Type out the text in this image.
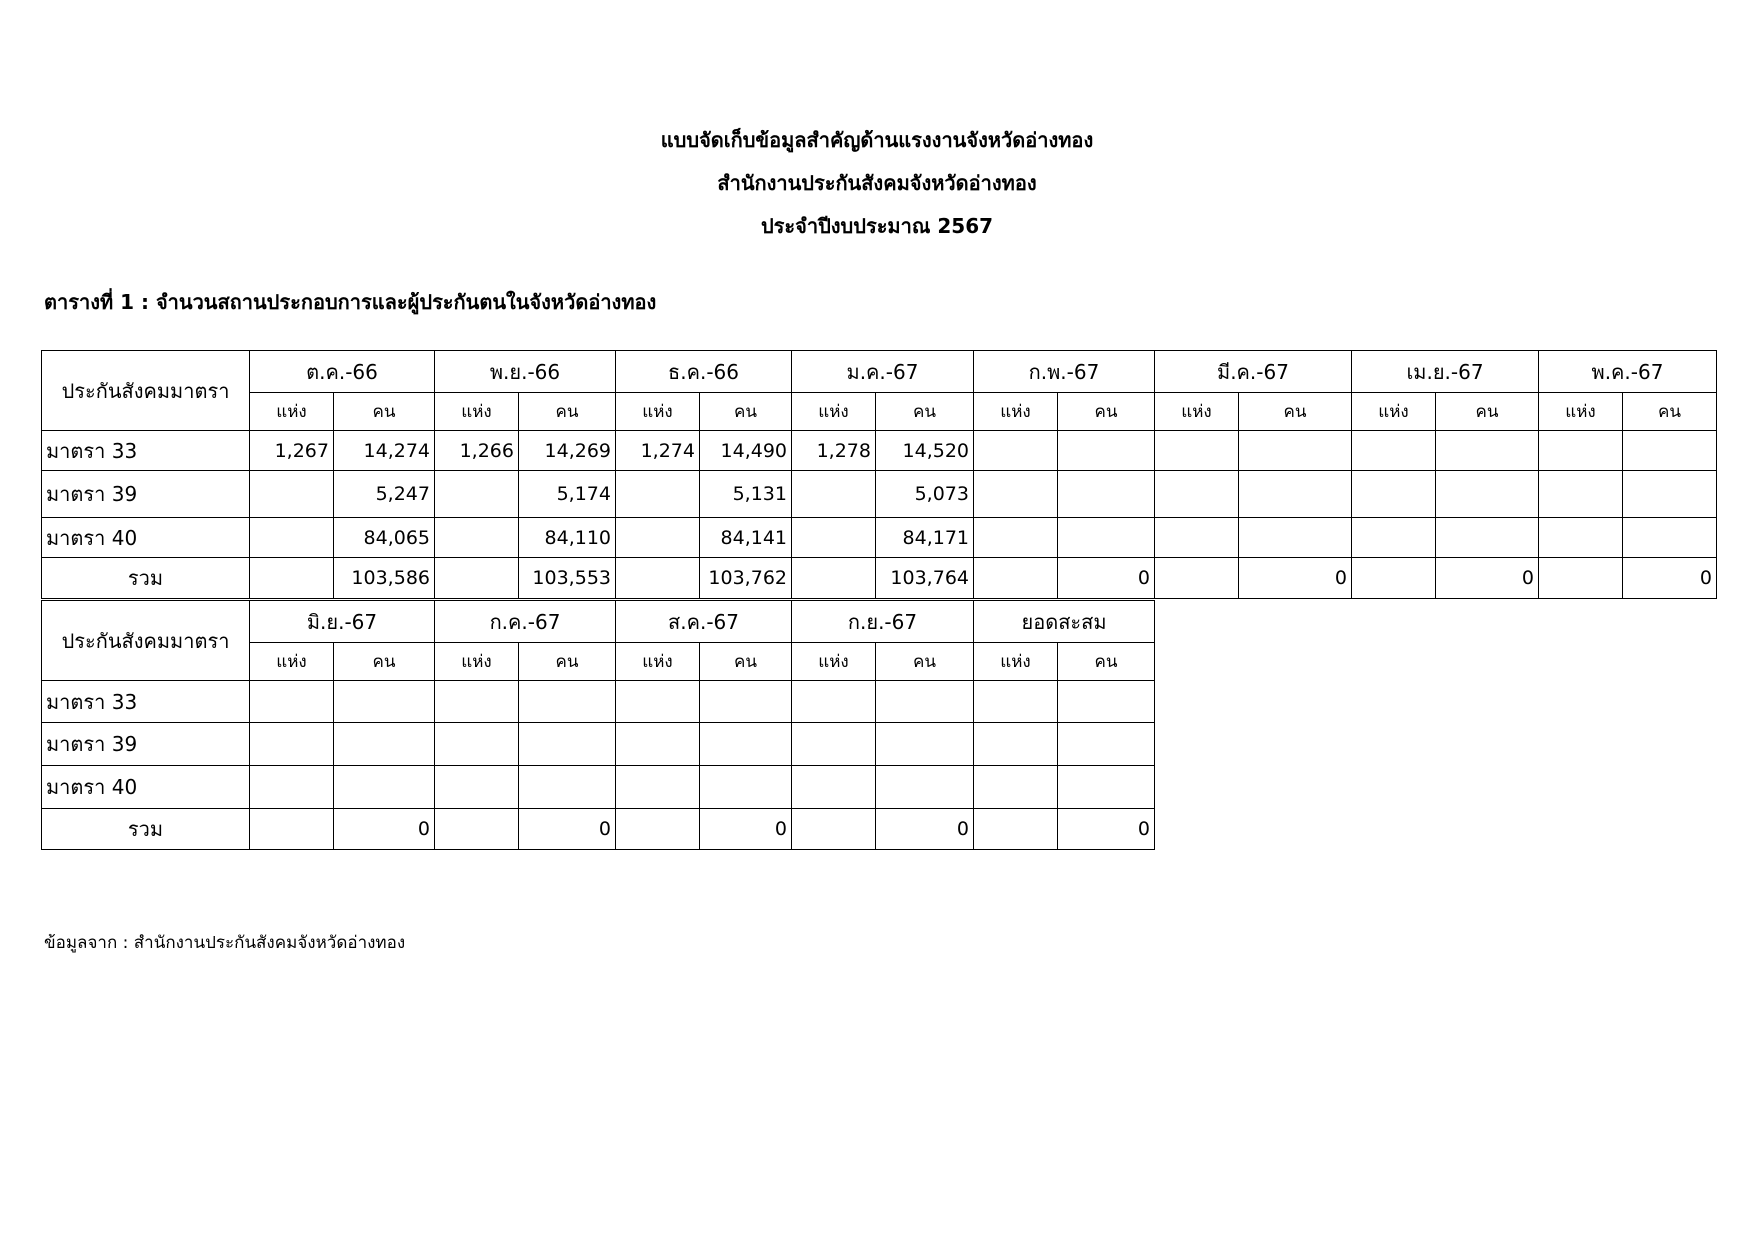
แบบจัดเก็บข้อมูลสำคัญด้านแรงงานจังหวัดอ่างทอง
สำนักงานประกันสังคมจังหวัดอ่างทอง
ประจำปีงบประมาณ 2567
ตารางที่ 1 : จำนวนสถานประกอบการและผู้ประกันตนในจังหวัดอ่างทอง
ประกันสังคมมาตรา	ต.ค.-66		พ.ย.-66		ธ.ค.-66		ม.ค.-67		ก.พ.-67		มี.ค.-67		เม.ย.-67		พ.ค.-67	
	แห่ง	คน	แห่ง	คน	แห่ง	คน	แห่ง	คน	แห่ง	คน	แห่ง	คน	แห่ง	คน	แห่ง	คน
มาตรา 33	1,267	14,274	1,266	14,269	1,274	14,490	1,278	14,520								
มาตรา 39		5,247		5,174		5,131		5,073								
มาตรา 40		84,065		84,110		84,141		84,171								
รวม		103,586		103,553		103,762		103,764		0		0		0		0
ประกันสังคมมาตรา	มิ.ย.-67		ก.ค.-67		ส.ค.-67		ก.ย.-67		ยอดสะสม	
	แห่ง	คน	แห่ง	คน	แห่ง	คน	แห่ง	คน	แห่ง	คน
มาตรา 33										
มาตรา 39										
มาตรา 40										
รวม		0		0		0		0		0
ข้อมูลจาก : สำนักงานประกันสังคมจังหวัดอ่างทอง
